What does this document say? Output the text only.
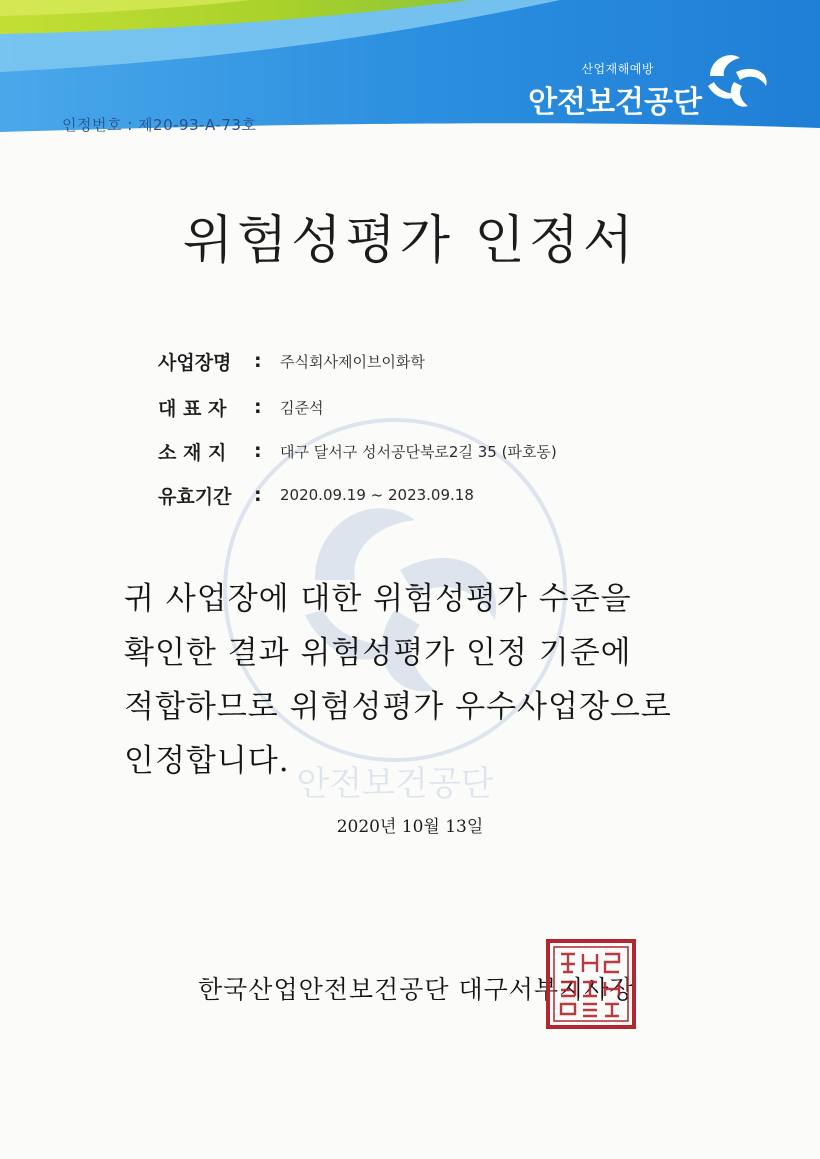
인정번호 : 제20-93-A-73호
산업재해예방
안전보건공단
위험성평가 인정서
안전보건공단
사업장명	:	주식회사제이브이화학
대 표 자	:	김준석
소 재 지	:	대구 달서구 성서공단북로2길 35 (파호동)
유효기간	:	2020.09.19 ~ 2023.09.18
귀 사업장에 대한 위험성평가 수준을
확인한 결과 위험성평가 인정 기준에
적합하므로 위험성평가 우수사업장으로
인정합니다.
2020년 10월 13일
한국산업안전보건공단 대구서부지사장
